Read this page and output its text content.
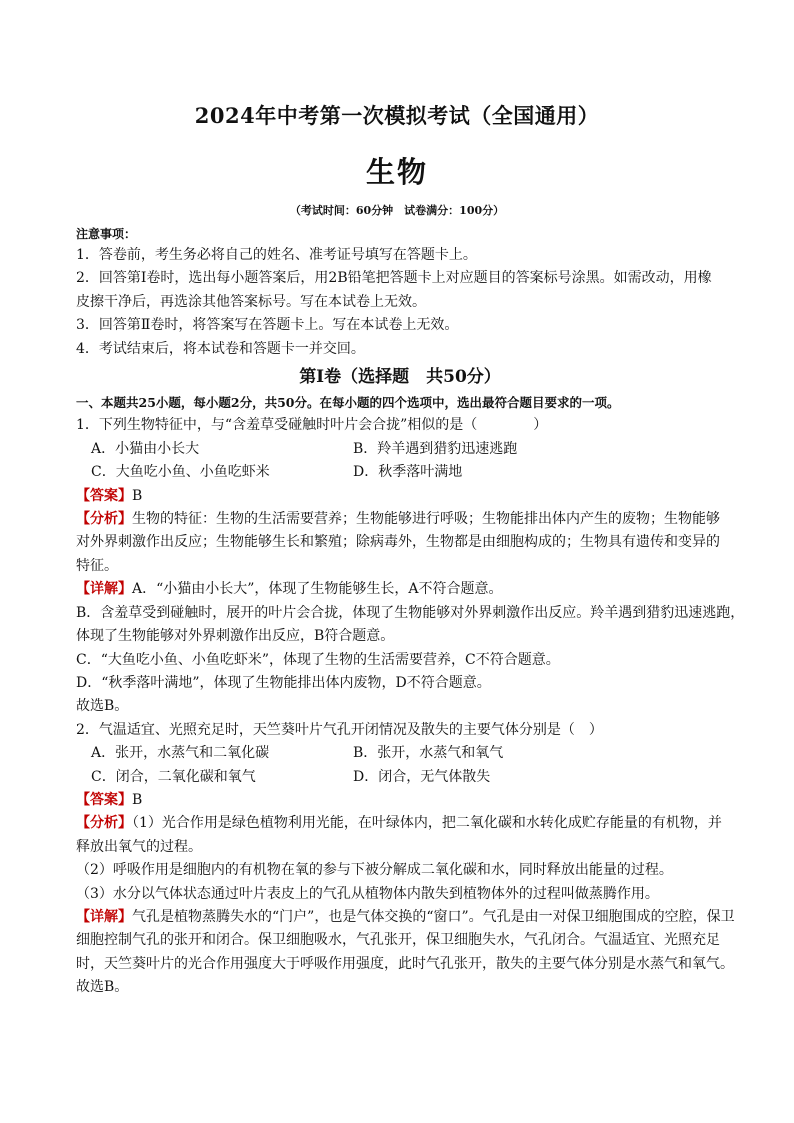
2024年中考第一次模拟考试（全国通用）
生物
（考试时间：60分钟　试卷满分：100分）
注意事项：
1．答卷前，考生务必将自己的姓名、准考证号填写在答题卡上。
2．回答第Ⅰ卷时，选出每小题答案后，用2B铅笔把答题卡上对应题目的答案标号涂黑。如需改动，用橡
皮擦干净后，再选涂其他答案标号。写在本试卷上无效。
3．回答第Ⅱ卷时，将答案写在答题卡上。写在本试卷上无效。
4．考试结束后，将本试卷和答题卡一并交回。
第Ⅰ卷（选择题　共50分）
一、本题共25小题，每小题2分，共50分。在每小题的四个选项中，选出最符合题目要求的一项。
1．下列生物特征中，与“含羞草受碰触时叶片会合拢”相似的是（　　　　）
A．小猫由小长大	B．羚羊遇到猎豹迅速逃跑
C．大鱼吃小鱼、小鱼吃虾米	D．秋季落叶满地
【答案】B
【分析】生物的特征：生物的生活需要营养；生物能够进行呼吸；生物能排出体内产生的废物；生物能够
对外界刺激作出反应；生物能够生长和繁殖；除病毒外，生物都是由细胞构成的；生物具有遗传和变异的
特征。
【详解】A．“小猫由小长大”，体现了生物能够生长，A不符合题意。
B．含羞草受到碰触时，展开的叶片会合拢，体现了生物能够对外界刺激作出反应。羚羊遇到猎豹迅速逃跑，
体现了生物能够对外界刺激作出反应，B符合题意。
C．“大鱼吃小鱼、小鱼吃虾米”，体现了生物的生活需要营养，C不符合题意。
D．“秋季落叶满地”，体现了生物能排出体内废物，D不符合题意。
故选B。
2．气温适宜、光照充足时，天竺葵叶片气孔开闭情况及散失的主要气体分别是（　）
A．张开，水蒸气和二氧化碳	B．张开，水蒸气和氧气
C．闭合，二氧化碳和氧气	D．闭合，无气体散失
【答案】B
【分析】（1）光合作用是绿色植物利用光能，在叶绿体内，把二氧化碳和水转化成贮存能量的有机物，并
释放出氧气的过程。
（2）呼吸作用是细胞内的有机物在氧的参与下被分解成二氧化碳和水，同时释放出能量的过程。
（3）水分以气体状态通过叶片表皮上的气孔从植物体内散失到植物体外的过程叫做蒸腾作用。
【详解】气孔是植物蒸腾失水的“门户”，也是气体交换的“窗口”。气孔是由一对保卫细胞围成的空腔，保卫
细胞控制气孔的张开和闭合。保卫细胞吸水，气孔张开，保卫细胞失水，气孔闭合。气温适宜、光照充足
时，天竺葵叶片的光合作用强度大于呼吸作用强度，此时气孔张开，散失的主要气体分别是水蒸气和氧气。
故选B。
